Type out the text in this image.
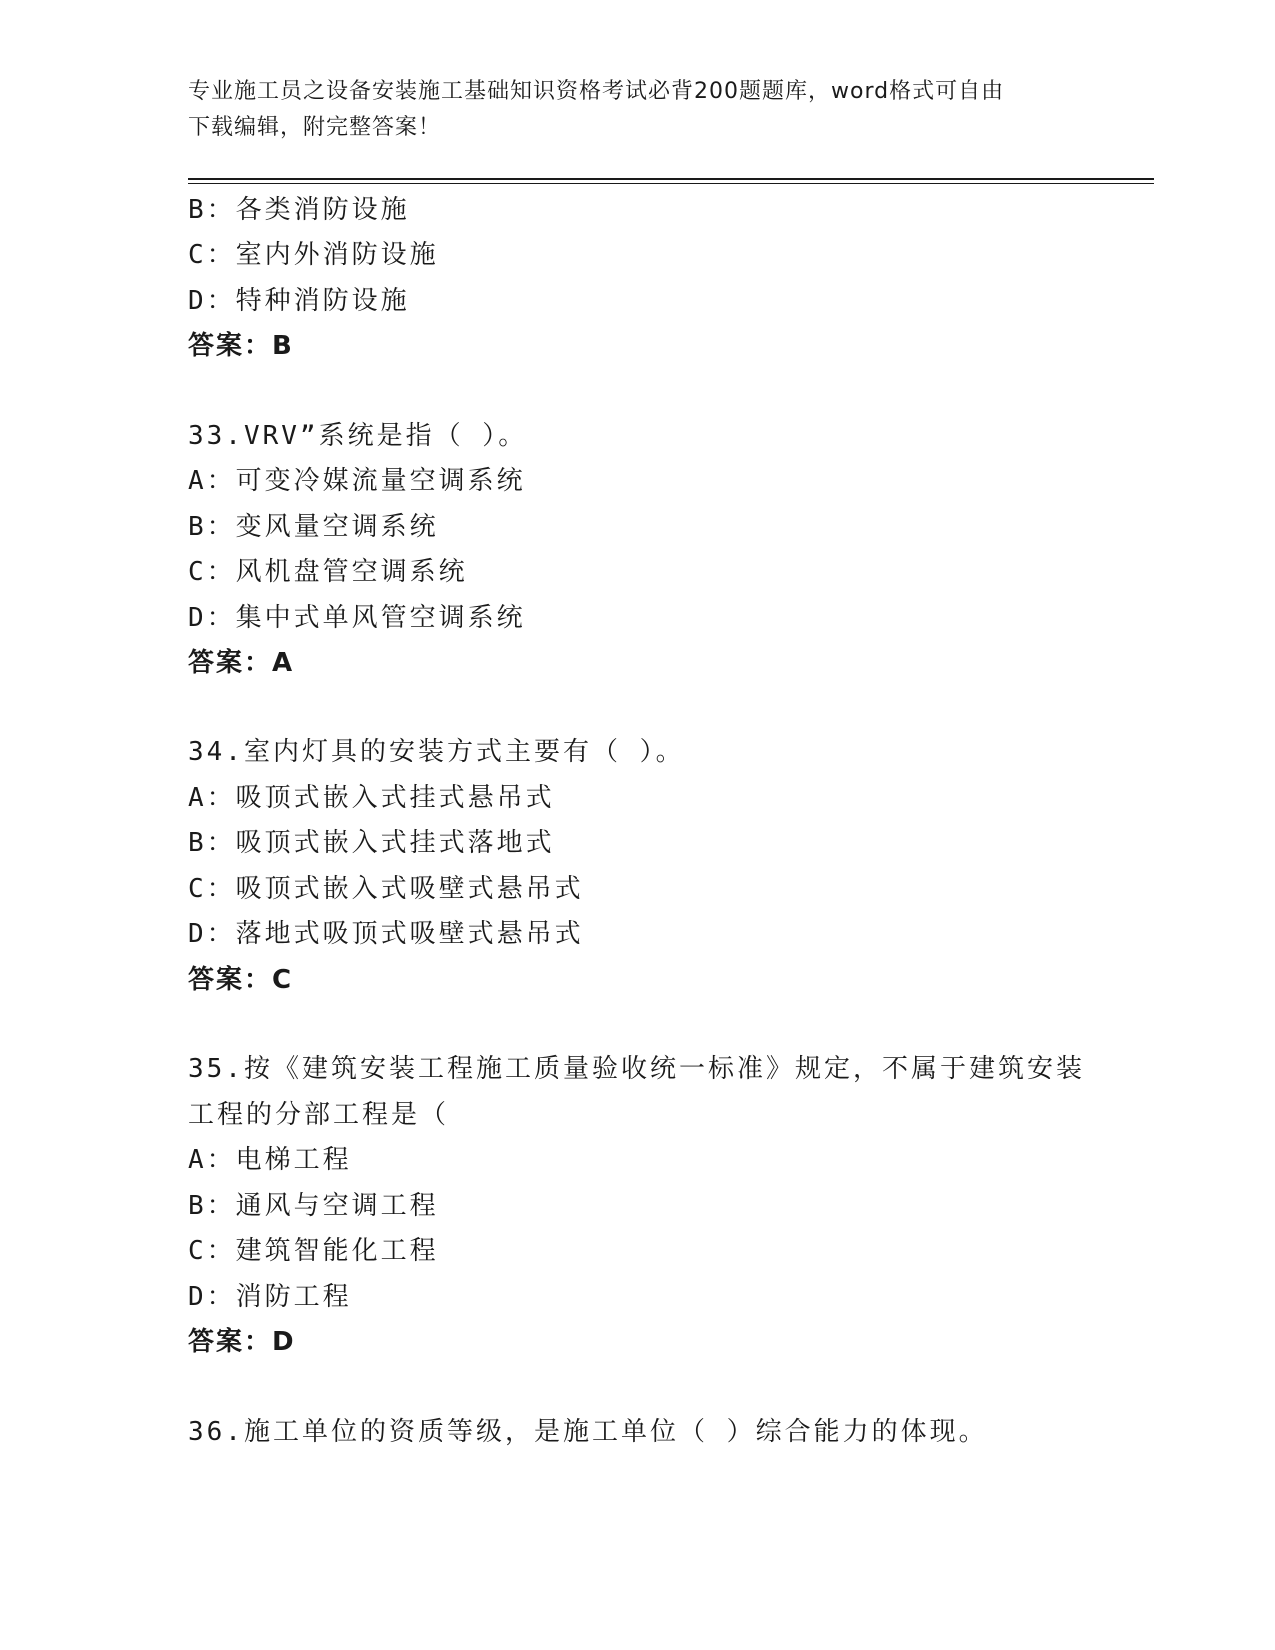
专业施工员之设备安装施工基础知识资格考试必背200题题库，word格式可自由
下载编辑，附完整答案！
B：各类消防设施
C：室内外消防设施
D：特种消防设施
答案：B
33.VRV”系统是指（ ）。
A：可变冷媒流量空调系统
B：变风量空调系统
C：风机盘管空调系统
D：集中式单风管空调系统
答案：A
34.室内灯具的安装方式主要有（ ）。
A：吸顶式嵌入式挂式悬吊式
B：吸顶式嵌入式挂式落地式
C：吸顶式嵌入式吸壁式悬吊式
D：落地式吸顶式吸壁式悬吊式
答案：C
35.按《建筑安装工程施工质量验收统一标准》规定，不属于建筑安装
工程的分部工程是（
A：电梯工程
B：通风与空调工程
C：建筑智能化工程
D：消防工程
答案：D
36.施工单位的资质等级，是施工单位（ ）综合能力的体现。
